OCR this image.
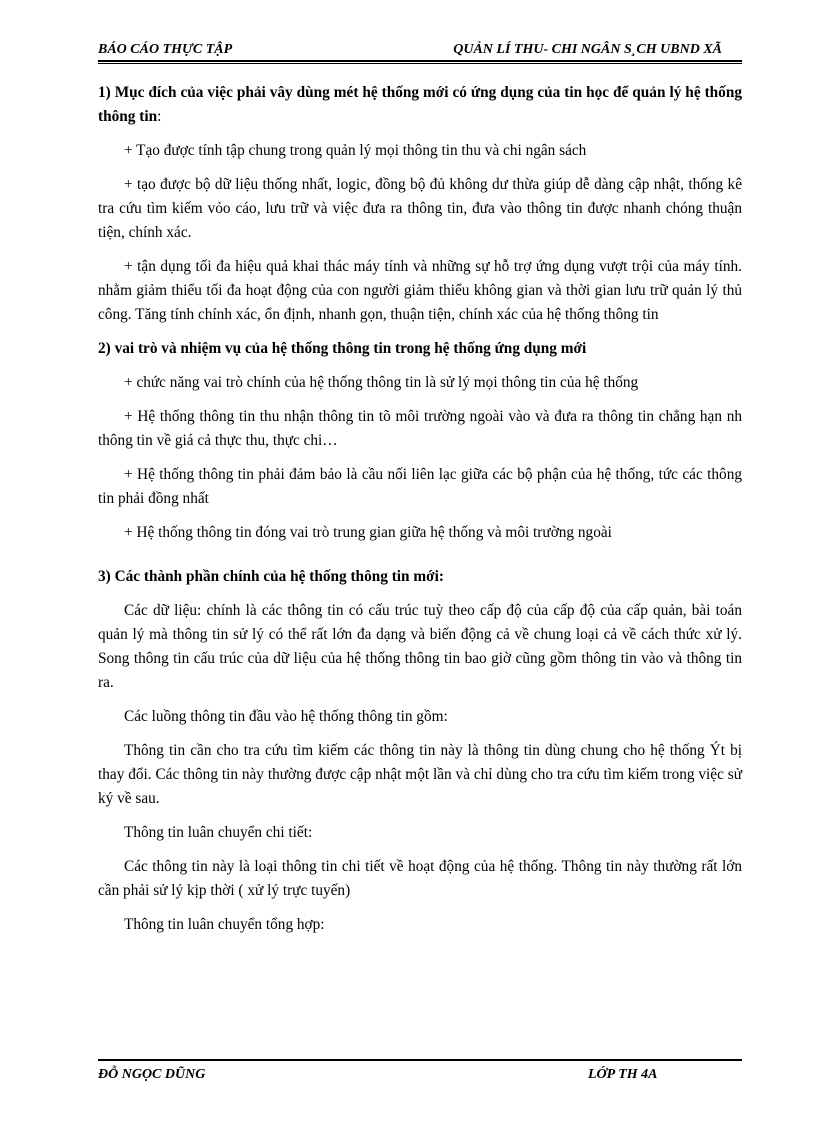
BÁO CÁO THỰC TẬP	QUẢN LÍ THU- CHI NGÂN S¸CH UBND XÃ

1) Mục đích của việc phải vây dùng mét hệ thống mới có ứng dụng của tin học để quản lý hệ thống thông tin:

+ Tạo được tính tập chung trong quản lý mọi thông tin thu và chi ngân sách

+ tạo được bộ dữ liệu thống nhất, logic, đồng bộ đủ không dư thừa giúp dễ dàng cập nhật, thống kê tra cứu tìm kiếm vỏo cáo, lưu trữ và việc đưa ra thông tin, đưa vào thông tin được nhanh chóng thuận tiện, chính xác.

+ tận dụng tối đa hiệu quả khai thác máy tính và những sự hỗ trợ ứng dụng vượt trội của máy tính. nhằm giảm thiểu tối đa hoạt động của con người giảm thiểu không gian và thời gian lưu trữ quản lý thủ công. Tăng tính chính xác, ổn định, nhanh gọn, thuận tiện, chính xác của hệ thống thông tin

2) vai trò và nhiệm vụ của hệ thống thông tin trong hệ thống ứng dụng mới

+ chức năng vai trò chính của hệ thống thông tin là sử lý mọi thông tin của hệ thống

+ Hệ thống thông tin thu nhận thông tin tõ môi trường ngoài vào và đưa ra thông tin chẳng hạn nh thông tin về giá cả thực thu, thực chi…

+ Hệ thống thông tin phải đảm bảo là cầu nối liên lạc giữa các bộ phận của hệ thống, tức các thông tin phải đồng nhất

+ Hệ thống thông tin đóng vai trò trung gian giữa hệ thống và môi trường ngoài

3) Các thành phần chính của hệ thống thông tin mới:

Các dữ liệu: chính là các thông tin có cấu trúc tuỳ theo cấp độ của cấp độ của cấp quản, bài toán quản lý mà thông tin sử lý có thể rất lớn đa dạng và biến động cả về chung loại cả về cách thức xử lý. Song thông tin cấu trúc của dữ liệu của hệ thống thông tin bao giờ cũng gồm thông tin vào và thông tin ra.

Các luồng thông tin đầu vào hệ thống thông tin gồm:

Thông tin cần cho tra cứu tìm kiếm các thông tin này là thông tin dùng chung cho hệ thống Ýt bị thay đổi. Các thông tin này thường được cập nhật một lần và chỉ dùng cho tra cứu tìm kiếm trong việc sử ký về sau.

Thông tin luân chuyển chi tiết:

Các thông tin này là loại thông tin chi tiết về hoạt động của hệ thống. Thông tin này thường rất lớn cần phải sử lý kịp thời ( xử lý trực tuyến)

Thông tin luân chuyển tổng hợp:

ĐỖ NGỌC DŨNG	LỚP TH 4A
